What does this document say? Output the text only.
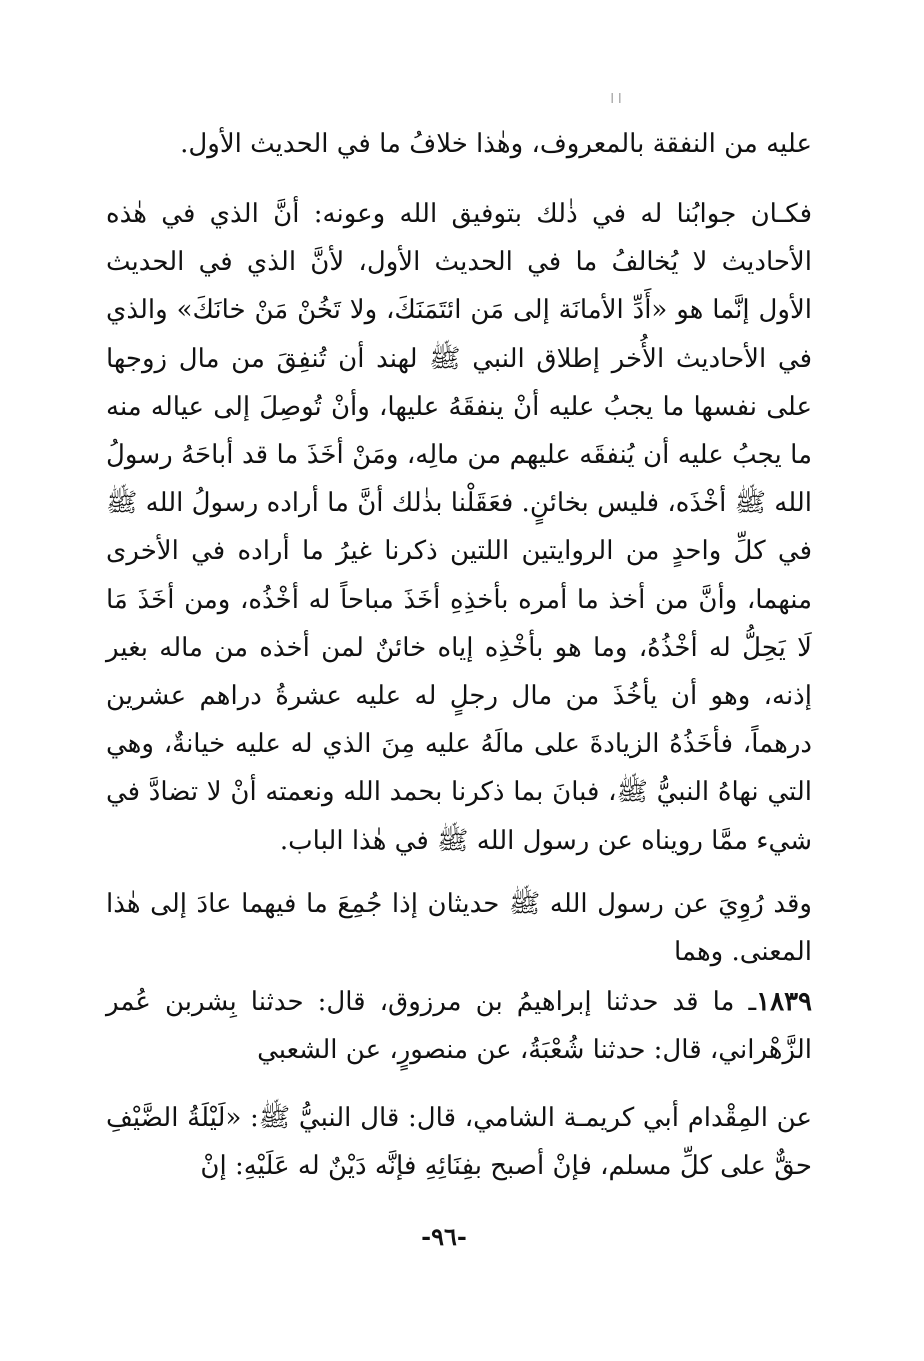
ا ا
عليه من النفقة بالمعروف، وهٰذا خلافُ ما في الحديث الأول.
فكـان جوابُنا له في ذٰلك بتوفيق الله وعونه: أنَّ الذي في هٰذه الأحاديث لا يُخالفُ ما في الحديث الأول، لأنَّ الذي في الحديث الأول إنَّما هو «أَدِّ الأمانَة إلى مَن ائتَمَنَكَ، ولا تَخُنْ مَنْ خانَكَ» والذي في الأحاديث الأُخر إطلاق النبي ﷺ لهند أن تُنفِقَ من مال زوجها على نفسها ما يجبُ عليه أنْ ينفقَهُ عليها، وأنْ تُوصِلَ إلى عياله منه ما يجبُ عليه أن يُنفقَه عليهم من مالِه، ومَنْ أخَذَ ما قد أباحَهُ رسولُ الله ﷺ أخْذَه، فليس بخائنٍ. فعَقَلْنا بذٰلك أنَّ ما أراده رسولُ الله ﷺ في كلِّ واحدٍ من الروايتين اللتين ذكرنا غيرُ ما أراده في الأخرى منهما، وأنَّ من أخذ ما أمره بأخذِهِ أخَذَ مباحاً له أخْذُه، ومن أخَذَ مَا لَا يَحِلُّ له أخْذُهُ، وما هو بأخْذِه إياه خائنٌ لمن أخذه من ماله بغير إذنه، وهو أن يأخُذَ من مال رجلٍ له عليه عشرةُ دراهم عشرين درهماً، فأخَذُهُ الزيادةَ على مالَهُ عليه مِنَ الذي له عليه خيانةٌ، وهي التي نهاهُ النبيُّ ﷺ، فبانَ بما ذكرنا بحمد الله ونعمته أنْ لا تضادَّ في شيء ممَّا رويناه عن رسول الله ﷺ في هٰذا الباب.
وقد رُوِيَ عن رسول الله ﷺ حديثان إذا جُمِعَ ما فيهما عادَ إلى هٰذا المعنى. وهما
١٨٣٩ـ ما قد حدثنا إبراهيمُ بن مرزوق، قال: حدثنا بِشربن عُمر الزَّهْراني، قال: حدثنا شُعْبَةُ، عن منصورٍ، عن الشعبي
عن المِقْدام أبي كريمـة الشامي، قال: قال النبيُّ ﷺ: «لَيْلَةُ الضَّيْفِ حقٌّ على كلِّ مسلم، فإنْ أصبح بفِنَائِهِ فإنَّه دَيْنٌ له عَلَيْهِ: إنْ
-٩٦-
